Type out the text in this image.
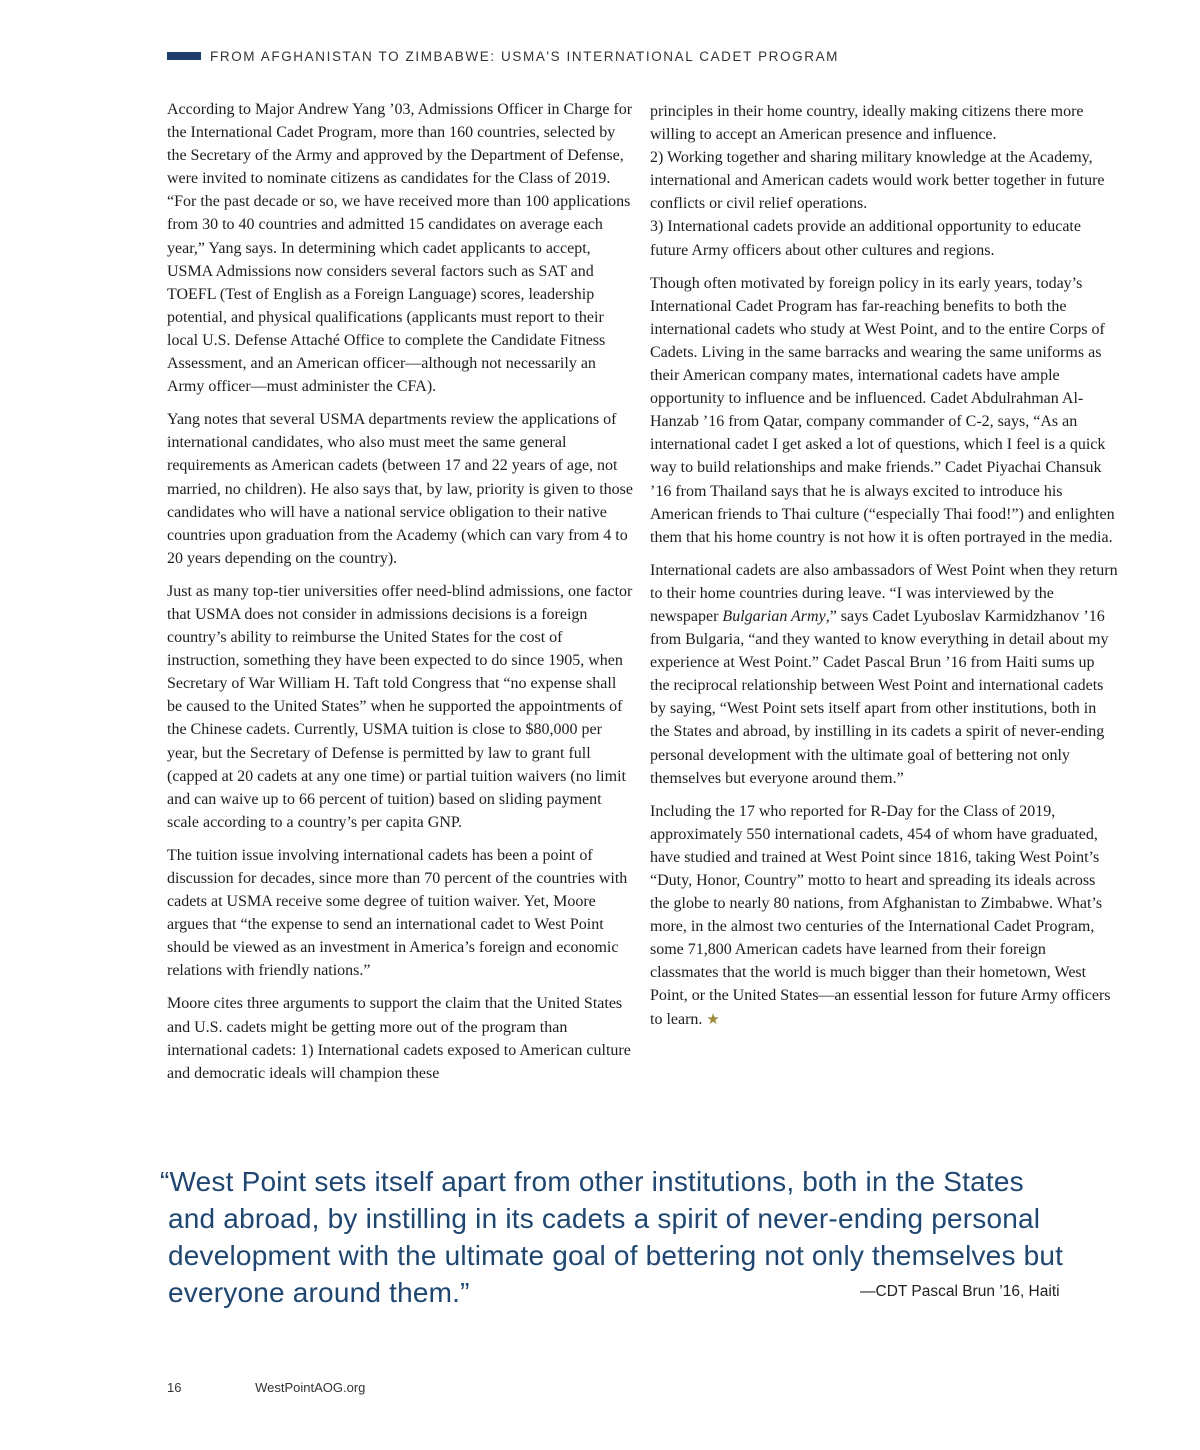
FROM AFGHANISTAN TO ZIMBABWE: USMA'S INTERNATIONAL CADET PROGRAM

According to Major Andrew Yang ’03, Admissions Officer in Charge for the International Cadet Program, more than 160 countries, selected by the Secretary of the Army and approved by the Department of Defense, were invited to nominate citizens as candidates for the Class of 2019. “For the past decade or so, we have received more than 100 applications from 30 to 40 countries and admitted 15 candidates on average each year,” Yang says. In determining which cadet applicants to accept, USMA Admissions now considers several factors such as SAT and TOEFL (Test of English as a Foreign Language) scores, leadership potential, and physical qualifications (applicants must report to their local U.S. Defense Attaché Office to complete the Candidate Fitness Assessment, and an American officer—although not necessarily an Army officer—must administer the CFA).

Yang notes that several USMA departments review the applications of international candidates, who also must meet the same general requirements as American cadets (between 17 and 22 years of age, not married, no children). He also says that, by law, priority is given to those candidates who will have a national service obligation to their native countries upon graduation from the Academy (which can vary from 4 to 20 years depending on the country).

Just as many top-tier universities offer need-blind admissions, one factor that USMA does not consider in admissions decisions is a foreign country’s ability to reimburse the United States for the cost of instruction, something they have been expected to do since 1905, when Secretary of War William H. Taft told Congress that “no expense shall be caused to the United States” when he supported the appointments of the Chinese cadets. Currently, USMA tuition is close to $80,000 per year, but the Secretary of Defense is permitted by law to grant full (capped at 20 cadets at any one time) or partial tuition waivers (no limit and can waive up to 66 percent of tuition) based on sliding payment scale according to a country’s per capita GNP.

The tuition issue involving international cadets has been a point of discussion for decades, since more than 70 percent of the countries with cadets at USMA receive some degree of tuition waiver. Yet, Moore argues that “the expense to send an international cadet to West Point should be viewed as an investment in America’s foreign and economic relations with friendly nations.”

Moore cites three arguments to support the claim that the United States and U.S. cadets might be getting more out of the program than international cadets: 1) International cadets exposed to American culture and democratic ideals will champion these

principles in their home country, ideally making citizens there more willing to accept an American presence and influence.
2) Working together and sharing military knowledge at the Academy, international and American cadets would work better together in future conflicts or civil relief operations.
3) International cadets provide an additional opportunity to educate future Army officers about other cultures and regions.

Though often motivated by foreign policy in its early years, today’s International Cadet Program has far-reaching benefits to both the international cadets who study at West Point, and to the entire Corps of Cadets. Living in the same barracks and wearing the same uniforms as their American company mates, international cadets have ample opportunity to influence and be influenced. Cadet Abdulrahman Al-Hanzab ’16 from Qatar, company commander of C-2, says, “As an international cadet I get asked a lot of questions, which I feel is a quick way to build relationships and make friends.” Cadet Piyachai Chansuk ’16 from Thailand says that he is always excited to introduce his American friends to Thai culture (“especially Thai food!”) and enlighten them that his home country is not how it is often portrayed in the media.

International cadets are also ambassadors of West Point when they return to their home countries during leave. “I was interviewed by the newspaper Bulgarian Army,” says Cadet Lyuboslav Karmidzhanov ’16 from Bulgaria, “and they wanted to know everything in detail about my experience at West Point.” Cadet Pascal Brun ’16 from Haiti sums up the reciprocal relationship between West Point and international cadets by saying, “West Point sets itself apart from other institutions, both in the States and abroad, by instilling in its cadets a spirit of never-ending personal development with the ultimate goal of bettering not only themselves but everyone around them.”

Including the 17 who reported for R-Day for the Class of 2019, approximately 550 international cadets, 454 of whom have graduated, have studied and trained at West Point since 1816, taking West Point’s “Duty, Honor, Country” motto to heart and spreading its ideals across the globe to nearly 80 nations, from Afghanistan to Zimbabwe. What’s more, in the almost two centuries of the International Cadet Program, some 71,800 American cadets have learned from their foreign classmates that the world is much bigger than their hometown, West Point, or the United States—an essential lesson for future Army officers to learn. ★

“West Point sets itself apart from other institutions, both in the States and abroad, by instilling in its cadets a spirit of never-ending personal development with the ultimate goal of bettering not only themselves but everyone around them.”	—CDT Pascal Brun ’16, Haiti
16	WestPointAOG.org
